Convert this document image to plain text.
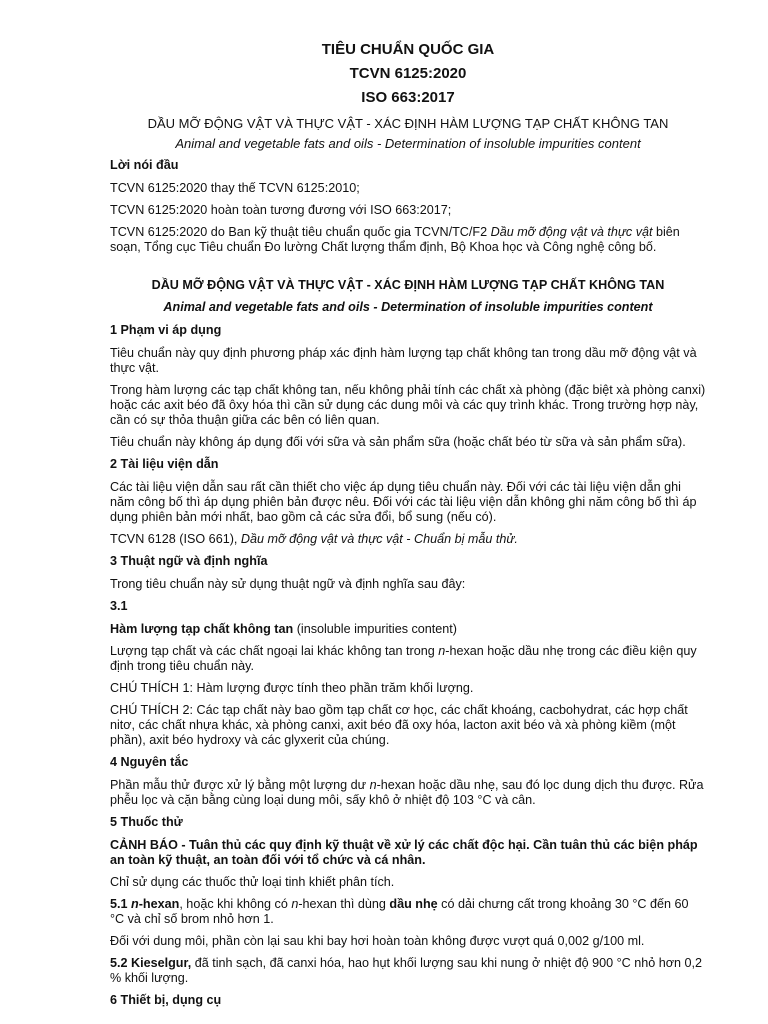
TIÊU CHUẨN QUỐC GIA
TCVN 6125:2020
ISO 663:2017
DẦU MỠ ĐỘNG VẬT VÀ THỰC VẬT - XÁC ĐỊNH HÀM LƯỢNG TẠP CHẤT KHÔNG TAN
Animal and vegetable fats and oils - Determination of insoluble impurities content

Lời nói đầu

TCVN 6125:2020 thay thế TCVN 6125:2010;

TCVN 6125:2020 hoàn toàn tương đương với ISO 663:2017;

TCVN 6125:2020 do Ban kỹ thuật tiêu chuẩn quốc gia TCVN/TC/F2 Dầu mỡ động vật và thực vật biên soạn, Tổng cục Tiêu chuẩn Đo lường Chất lượng thẩm định, Bộ Khoa học và Công nghệ công bố.

DẦU MỠ ĐỘNG VẬT VÀ THỰC VẬT - XÁC ĐỊNH HÀM LƯỢNG TẠP CHẤT KHÔNG TAN
Animal and vegetable fats and oils - Determination of insoluble impurities content

1 Phạm vi áp dụng

Tiêu chuẩn này quy định phương pháp xác định hàm lượng tạp chất không tan trong dầu mỡ động vật và thực vật.

Trong hàm lượng các tạp chất không tan, nếu không phải tính các chất xà phòng (đặc biệt xà phòng canxi) hoặc các axit béo đã ôxy hóa thì cần sử dụng các dung môi và các quy trình khác. Trong trường hợp này, cần có sự thỏa thuận giữa các bên có liên quan.

Tiêu chuẩn này không áp dụng đối với sữa và sản phẩm sữa (hoặc chất béo từ sữa và sản phẩm sữa).

2 Tài liệu viện dẫn

Các tài liệu viện dẫn sau rất cần thiết cho việc áp dụng tiêu chuẩn này. Đối với các tài liệu viện dẫn ghi năm công bố thì áp dụng phiên bản được nêu. Đối với các tài liệu viện dẫn không ghi năm công bố thì áp dụng phiên bản mới nhất, bao gồm cả các sửa đổi, bổ sung (nếu có).

TCVN 6128 (ISO 661), Dầu mỡ động vật và thực vật - Chuẩn bị mẫu thử.

3 Thuật ngữ và định nghĩa

Trong tiêu chuẩn này sử dụng thuật ngữ và định nghĩa sau đây:

3.1

Hàm lượng tạp chất không tan (insoluble impurities content)

Lượng tạp chất và các chất ngoại lai khác không tan trong n-hexan hoặc dầu nhẹ trong các điều kiện quy định trong tiêu chuẩn này.

CHÚ THÍCH 1: Hàm lượng được tính theo phần trăm khối lượng.

CHÚ THÍCH 2: Các tạp chất này bao gồm tạp chất cơ học, các chất khoáng, cacbohydrat, các hợp chất nitơ, các chất nhựa khác, xà phòng canxi, axit béo đã oxy hóa, lacton axit béo và xà phòng kiềm (một phần), axit béo hydroxy và các glyxerit của chúng.

4 Nguyên tắc

Phần mẫu thử được xử lý bằng một lượng dư n-hexan hoặc dầu nhẹ, sau đó lọc dung dịch thu được. Rửa phễu lọc và cặn bằng cùng loại dung môi, sấy khô ở nhiệt độ 103 °C và cân.

5 Thuốc thử

CẢNH BÁO - Tuân thủ các quy định kỹ thuật về xử lý các chất độc hại. Cần tuân thủ các biện pháp an toàn kỹ thuật, an toàn đối với tổ chức và cá nhân.

Chỉ sử dụng các thuốc thử loại tinh khiết phân tích.

5.1 n-hexan, hoặc khi không có n-hexan thì dùng dầu nhẹ có dải chưng cất trong khoảng 30 °C đến 60 °C và chỉ số brom nhỏ hơn 1.

Đối với dung môi, phần còn lại sau khi bay hơi hoàn toàn không được vượt quá 0,002 g/100 ml.

5.2 Kieselgur, đã tinh sạch, đã canxi hóa, hao hụt khối lượng sau khi nung ở nhiệt độ 900 °C nhỏ hơn 0,2 % khối lượng.

6 Thiết bị, dụng cụ
